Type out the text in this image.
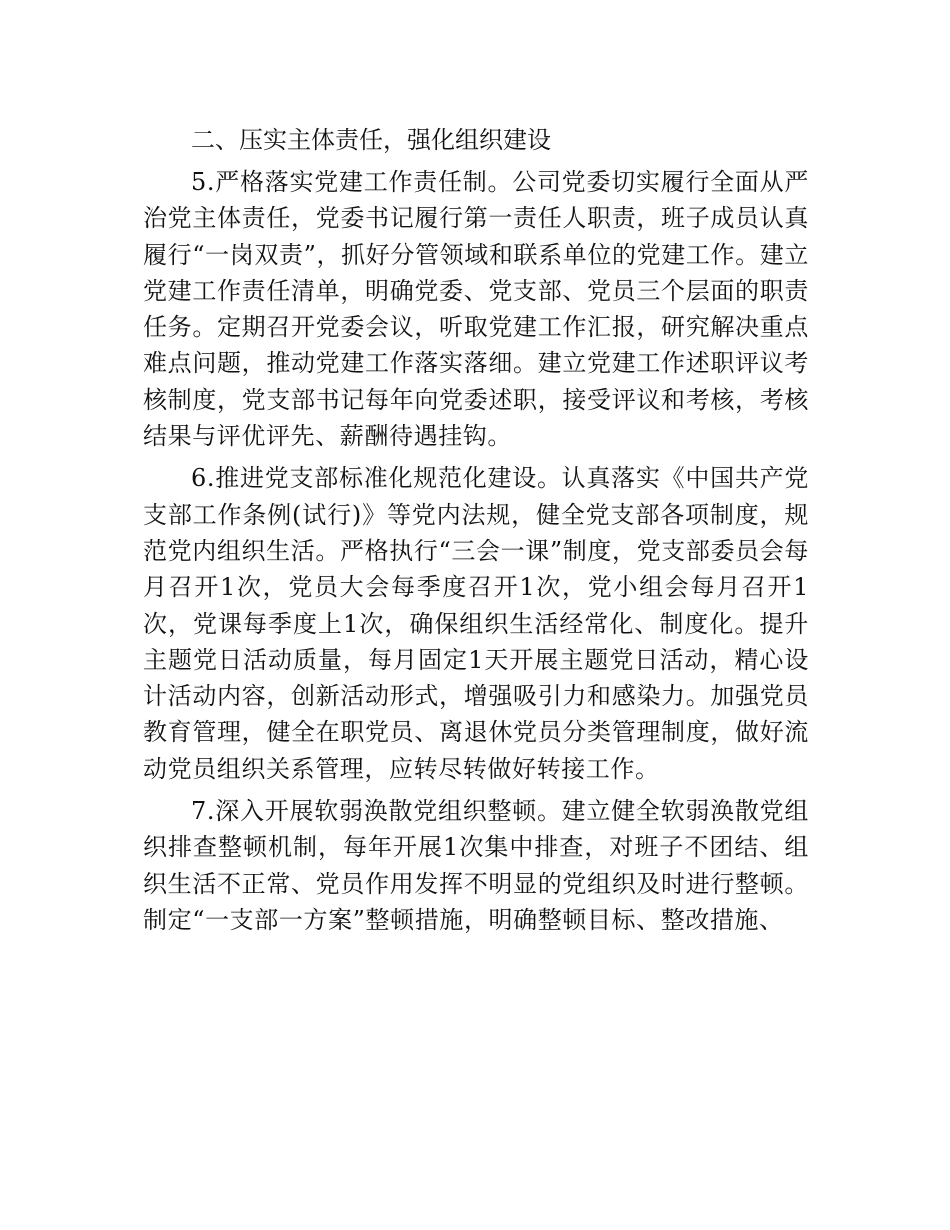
二、压实主体责任，强化组织建设

5.严格落实党建工作责任制。公司党委切实履行全面从严治党主体责任，党委书记履行第一责任人职责，班子成员认真履行“一岗双责”，抓好分管领域和联系单位的党建工作。建立党建工作责任清单，明确党委、党支部、党员三个层面的职责任务。定期召开党委会议，听取党建工作汇报，研究解决重点难点问题，推动党建工作落实落细。建立党建工作述职评议考核制度，党支部书记每年向党委述职，接受评议和考核，考核结果与评优评先、薪酬待遇挂钩。

6.推进党支部标准化规范化建设。认真落实《中国共产党支部工作条例(试行)》等党内法规，健全党支部各项制度，规范党内组织生活。严格执行“三会一课”制度，党支部委员会每月召开1次，党员大会每季度召开1次，党小组会每月召开1次，党课每季度上1次，确保组织生活经常化、制度化。提升主题党日活动质量，每月固定1天开展主题党日活动，精心设计活动内容，创新活动形式，增强吸引力和感染力。加强党员教育管理，健全在职党员、离退休党员分类管理制度，做好流动党员组织关系管理，应转尽转做好转接工作。

7.深入开展软弱涣散党组织整顿。建立健全软弱涣散党组织排查整顿机制，每年开展1次集中排查，对班子不团结、组织生活不正常、党员作用发挥不明显的党组织及时进行整顿。制定“一支部一方案”整顿措施，明确整顿目标、整改措施、
